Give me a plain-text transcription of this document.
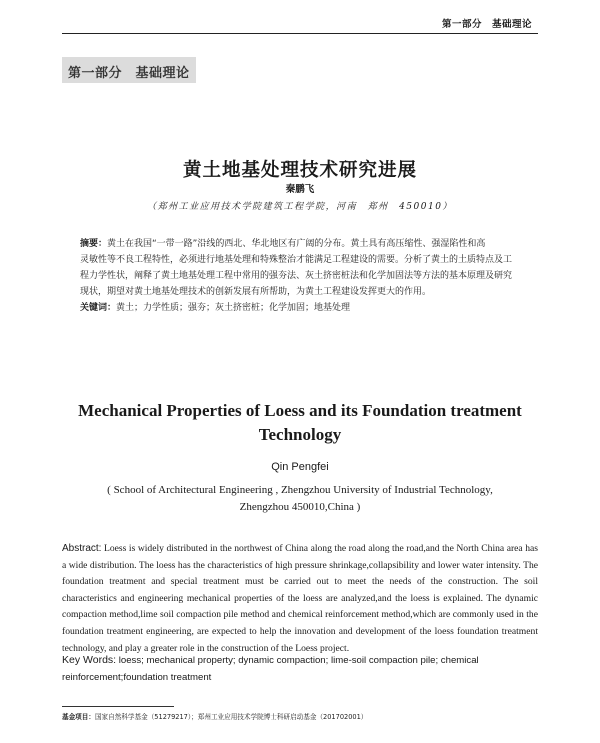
第一部分　基础理论
第一部分　基础理论
黄土地基处理技术研究进展
秦鹏飞
（郑州工业应用技术学院建筑工程学院，河南　郑州　450010）
摘要：黄土在我国“一带一路”沿线的西北、华北地区有广阔的分布。黄土具有高压缩性、强湿陷性和高
灵敏性等不良工程特性，必须进行地基处理和特殊整治才能满足工程建设的需要。分析了黄土的土质特点及工
程力学性状，阐释了黄土地基处理工程中常用的强夯法、灰土挤密桩法和化学加固法等方法的基本原理及研究
现状，期望对黄土地基处理技术的创新发展有所帮助，为黄土工程建设发挥更大的作用。
关键词：黄土；力学性质；强夯；灰土挤密桩；化学加固；地基处理
Mechanical Properties of Loess and its Foundation treatment
Technology
Qin Pengfei
( School of Architectural Engineering , Zhengzhou University of Industrial Technology,
Zhengzhou 450010,China )
Abstract: Loess is widely distributed in the northwest of China along the road along the road,and the North China area has a wide distribution. The loess has the characteristics of high pressure shrinkage,collapsibility and lower water intensity. The foundation treatment and special treatment must be carried out to meet the needs of the construction. The soil characteristics and engineering mechanical properties of the loess are analyzed,and the loess is explained. The dynamic compaction method,lime soil compaction pile method and chemical reinforcement method,which are commonly used in the foundation treatment engineering, are expected to help the innovation and development of the loess foundation treatment technology, and play a greater role in the construction of the Loess project.
Key Words: loess; mechanical property; dynamic compaction; lime-soil compaction pile; chemical reinforcement;foundation treatment
基金项目：国家自然科学基金（51279217）；郑州工业应用技术学院博士科研启动基金（201702001）
